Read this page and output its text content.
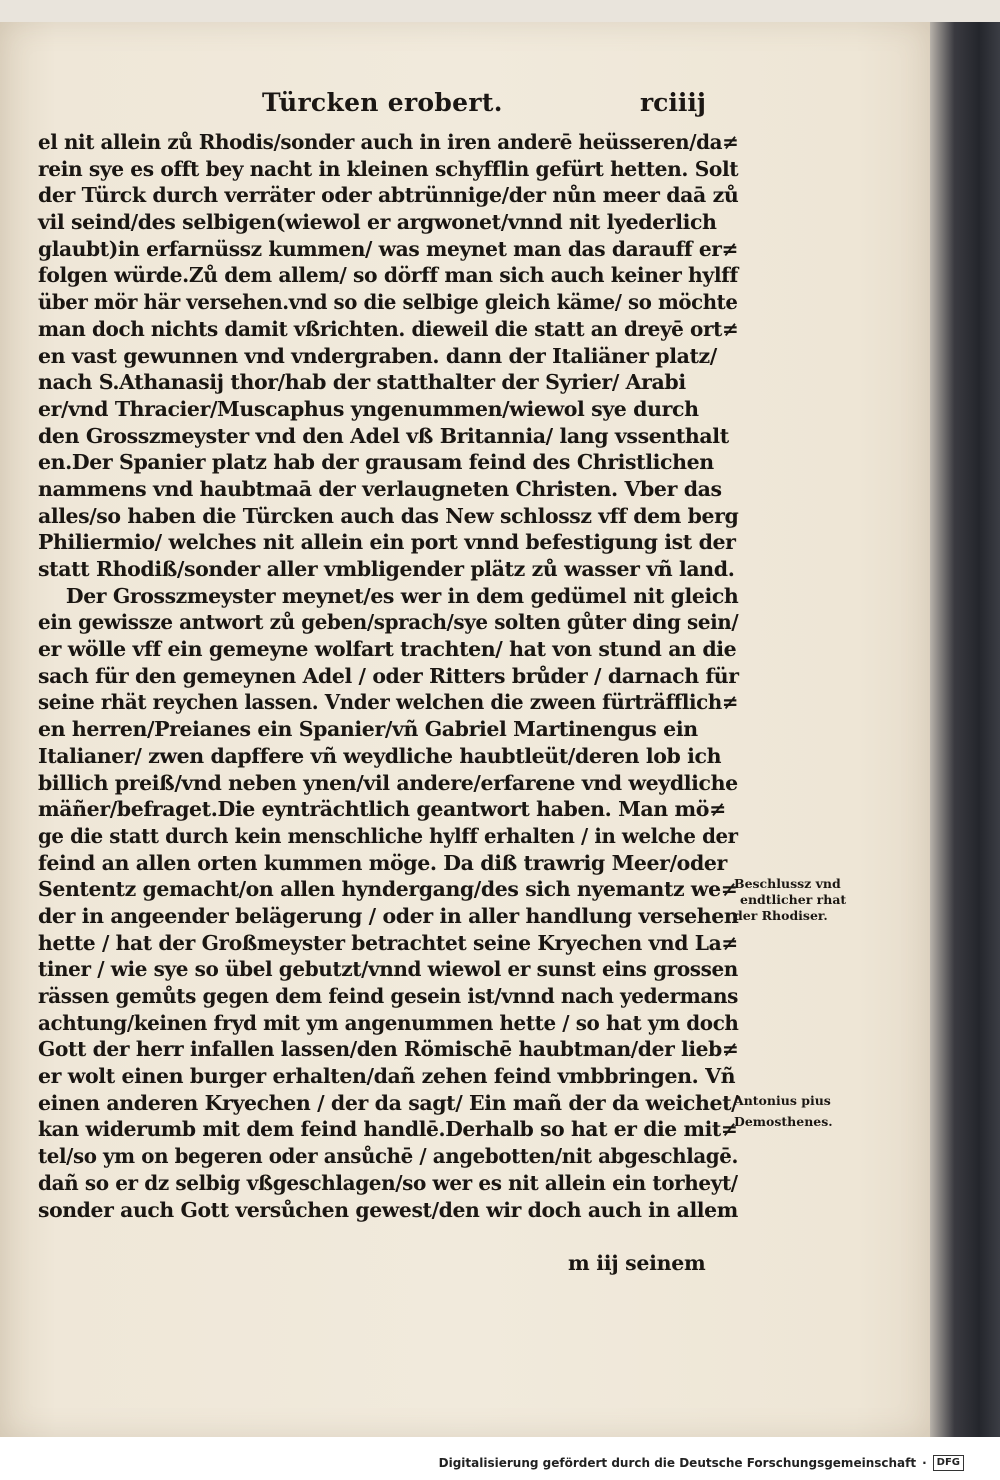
Türcken erobert.	rciiij
el nit allein zů Rhodis/sonder auch in iren anderē heüsseren/da≠
rein sye es offt bey nacht in kleinen schyfflin gefürt hetten. Solt
der Türck durch verräter oder abtrünnige/der nůn meer daā zů
vil seind/des selbigen(wiewol er argwonet/vnnd nit lyederlich
glaubt)in erfarnüssz kummen/ was meynet man das darauff er≠
folgen würde.Zů dem allem/ so dörff man sich auch keiner hylff
über mör här versehen.vnd so die selbige gleich käme/ so möchte
man doch nichts damit vßrichten. dieweil die statt an dreyē ort≠
en vast gewunnen vnd vndergraben. dann der Italiäner platz/
nach S.Athanasij thor/hab der statthalter der Syrier/ Arabi
er/vnd Thracier/Muscaphus yngenummen/wiewol sye durch
den Grosszmeyster vnd den Adel vß Britannia/ lang vssenthalt
en.Der Spanier platz hab der grausam feind des Christlichen
nammens vnd haubtmaā der verlaugneten Christen. Vber das
alles/so haben die Türcken auch das New schlossz vff dem berg
Philiermio/ welches nit allein ein port vnnd befestigung ist der
statt Rhodiß/sonder aller vmbligender plätz zů wasser vñ land.
Der Grosszmeyster meynet/es wer in dem gedümel nit gleich
ein gewissze antwort zů geben/sprach/sye solten gůter ding sein/
er wölle vff ein gemeyne wolfart trachten/ hat von stund an die
sach für den gemeynen Adel / oder Ritters brůder / darnach für
seine rhät reychen lassen. Vnder welchen die zween fürträfflich≠
en herren/Preianes ein Spanier/vñ Gabriel Martinengus ein
Italianer/ zwen dapffere vñ weydliche haubtleüt/deren lob ich
billich preiß/vnd neben ynen/vil andere/erfarene vnd weydliche
mäñer/befraget.Die eynträchtlich geantwort haben. Man mö≠
ge die statt durch kein menschliche hylff erhalten / in welche der
feind an allen orten kummen möge. Da diß trawrig Meer/oder
Sententz gemacht/on allen hyndergang/des sich nyemantz we≠
der in angeender belägerung / oder in aller handlung versehen
hette / hat der Großmeyster betrachtet seine Kryechen vnd La≠
tiner / wie sye so übel gebutzt/vnnd wiewol er sunst eins grossen
rässen gemůts gegen dem feind gesein ist/vnnd nach yedermans
achtung/keinen fryd mit ym angenummen hette / so hat ym doch
Gott der herr infallen lassen/den Römischē haubtman/der lieb≠
er wolt einen burger erhalten/dañ zehen feind vmbbringen. Vñ
einen anderen Kryechen / der da sagt/ Ein mañ der da weichet/
kan widerumb mit dem feind handlē.Derhalb so hat er die mit≠
tel/so ym on begeren oder ansůchē / angebotten/nit abgeschlagē.
dañ so er dz selbig vßgeschlagen/so wer es nit allein ein torheyt/
sonder auch Gott versůchen gewest/den wir doch auch in allem
Beschlussz vnd
endtlicher rhat
der Rhodiser.
Antonius pius
Demosthenes.
m iij seinem
Digitalisierung gefördert durch die Deutsche Forschungsgemeinschaft ·	DFG
